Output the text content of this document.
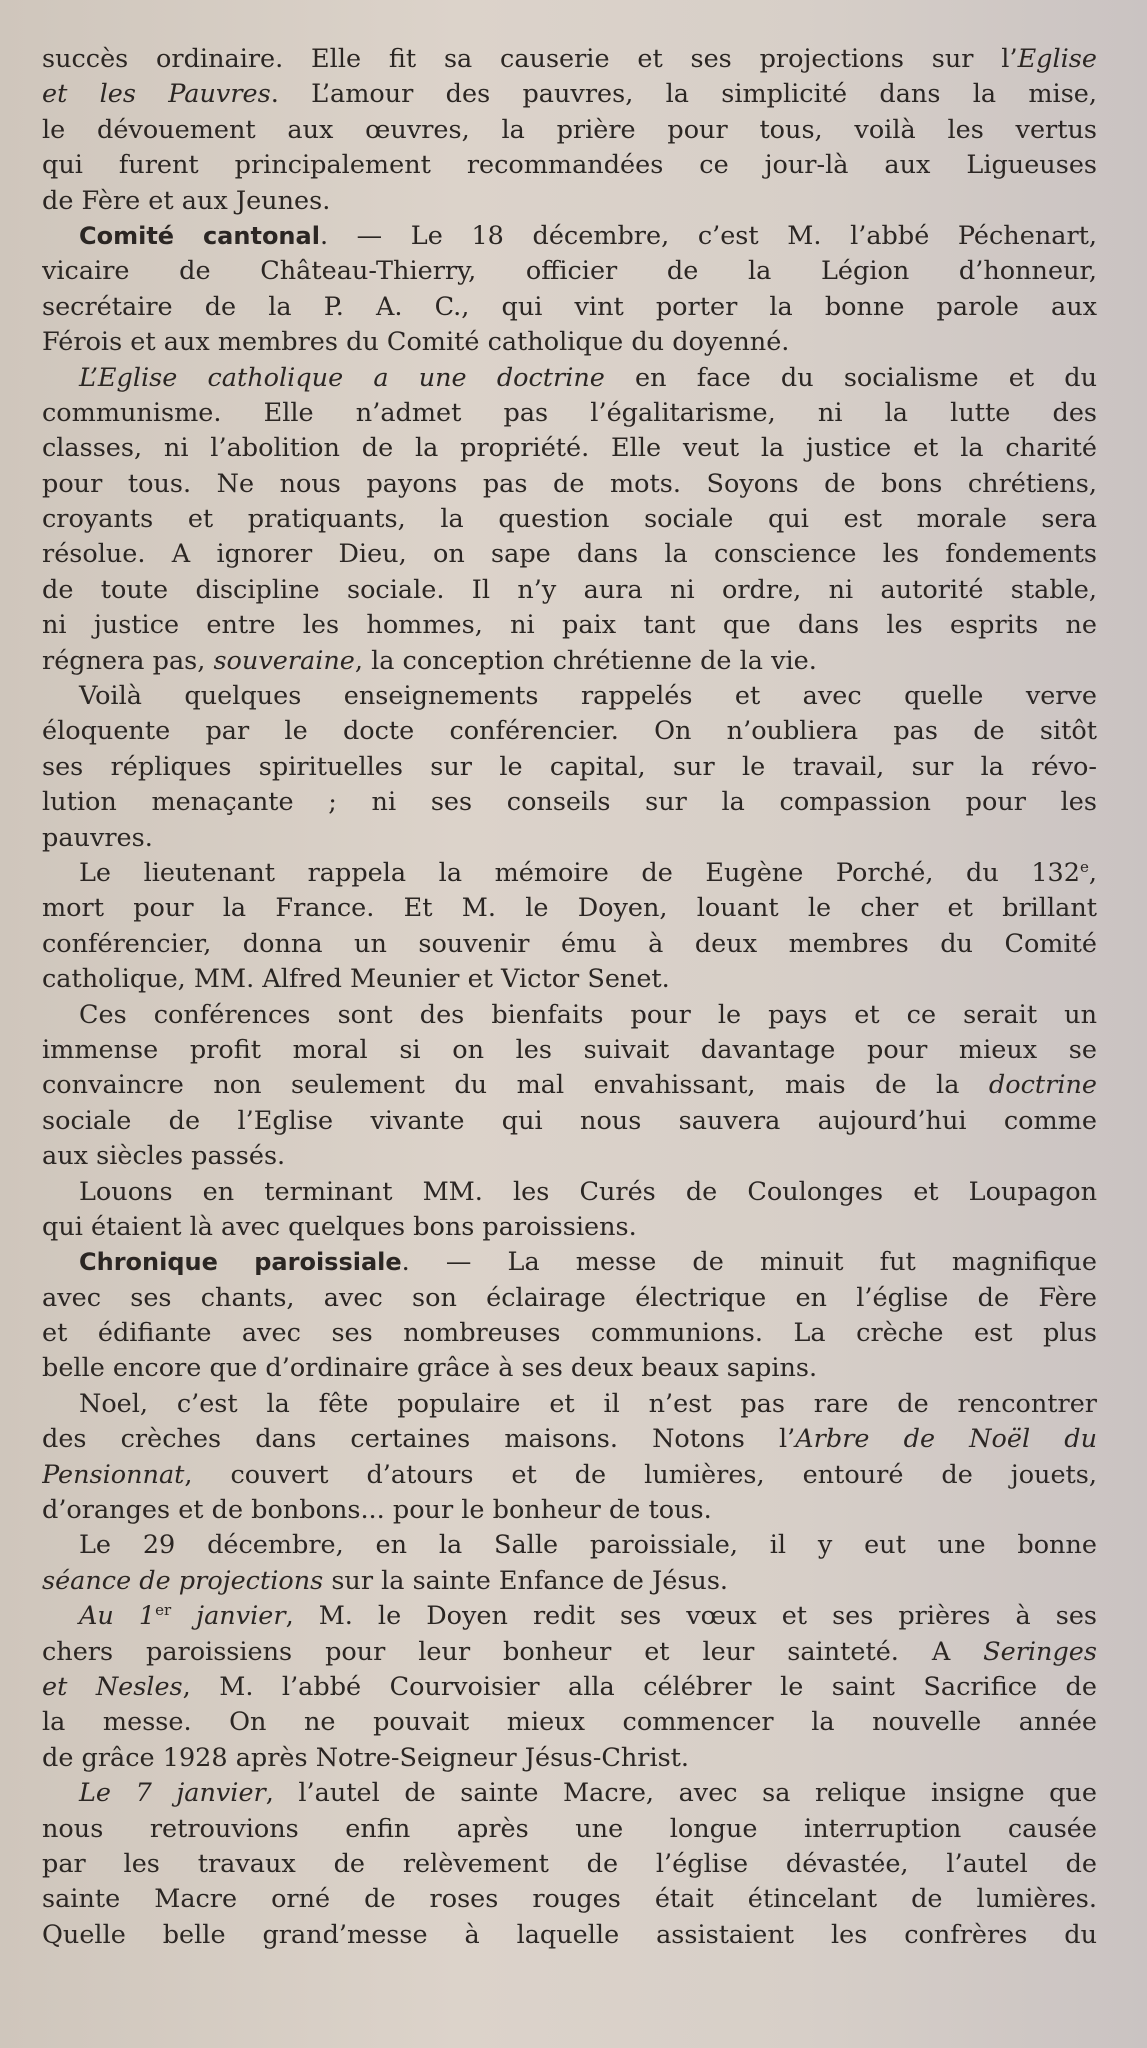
succès ordinaire. Elle fit sa causerie et ses projections sur l’Eglise
et les Pauvres. L’amour des pauvres, la simplicité dans la mise,
le dévouement aux œuvres, la prière pour tous, voilà les vertus
qui furent principalement recommandées ce jour-là aux Ligueuses
de Fère et aux Jeunes.
Comité cantonal. — Le 18 décembre, c’est M. l’abbé Péchenart,
vicaire de Château-Thierry, officier de la Légion d’honneur,
secrétaire de la P. A. C., qui vint porter la bonne parole aux
Férois et aux membres du Comité catholique du doyenné.
L’Eglise catholique a une doctrine en face du socialisme et du
communisme. Elle n’admet pas l’égalitarisme, ni la lutte des
classes, ni l’abolition de la propriété. Elle veut la justice et la charité
pour tous. Ne nous payons pas de mots. Soyons de bons chrétiens,
croyants et pratiquants, la question sociale qui est morale sera
résolue. A ignorer Dieu, on sape dans la conscience les fondements
de toute discipline sociale. Il n’y aura ni ordre, ni autorité stable,
ni justice entre les hommes, ni paix tant que dans les esprits ne
régnera pas, souveraine, la conception chrétienne de la vie.
Voilà quelques enseignements rappelés et avec quelle verve
éloquente par le docte conférencier. On n’oubliera pas de sitôt
ses répliques spirituelles sur le capital, sur le travail, sur la révo-
lution menaçante ; ni ses conseils sur la compassion pour les
pauvres.
Le lieutenant rappela la mémoire de Eugène Porché, du 132e,
mort pour la France. Et M. le Doyen, louant le cher et brillant
conférencier, donna un souvenir ému à deux membres du Comité
catholique, MM. Alfred Meunier et Victor Senet.
Ces conférences sont des bienfaits pour le pays et ce serait un
immense profit moral si on les suivait davantage pour mieux se
convaincre non seulement du mal envahissant, mais de la doctrine
sociale de l’Eglise vivante qui nous sauvera aujourd’hui comme
aux siècles passés.
Louons en terminant MM. les Curés de Coulonges et Loupagon
qui étaient là avec quelques bons paroissiens.
Chronique paroissiale. — La messe de minuit fut magnifique
avec ses chants, avec son éclairage électrique en l’église de Fère
et édifiante avec ses nombreuses communions. La crèche est plus
belle encore que d’ordinaire grâce à ses deux beaux sapins.
Noel, c’est la fête populaire et il n’est pas rare de rencontrer
des crèches dans certaines maisons. Notons l’Arbre de Noël du
Pensionnat, couvert d’atours et de lumières, entouré de jouets,
d’oranges et de bonbons... pour le bonheur de tous.
Le 29 décembre, en la Salle paroissiale, il y eut une bonne
séance de projections sur la sainte Enfance de Jésus.
Au 1er janvier, M. le Doyen redit ses vœux et ses prières à ses
chers paroissiens pour leur bonheur et leur sainteté. A Seringes
et Nesles, M. l’abbé Courvoisier alla célébrer le saint Sacrifice de
la messe. On ne pouvait mieux commencer la nouvelle année
de grâce 1928 après Notre-Seigneur Jésus-Christ.
Le 7 janvier, l’autel de sainte Macre, avec sa relique insigne que
nous retrouvions enfin après une longue interruption causée
par les travaux de relèvement de l’église dévastée, l’autel de
sainte Macre orné de roses rouges était étincelant de lumières.
Quelle belle grand’messe à laquelle assistaient les confrères du
